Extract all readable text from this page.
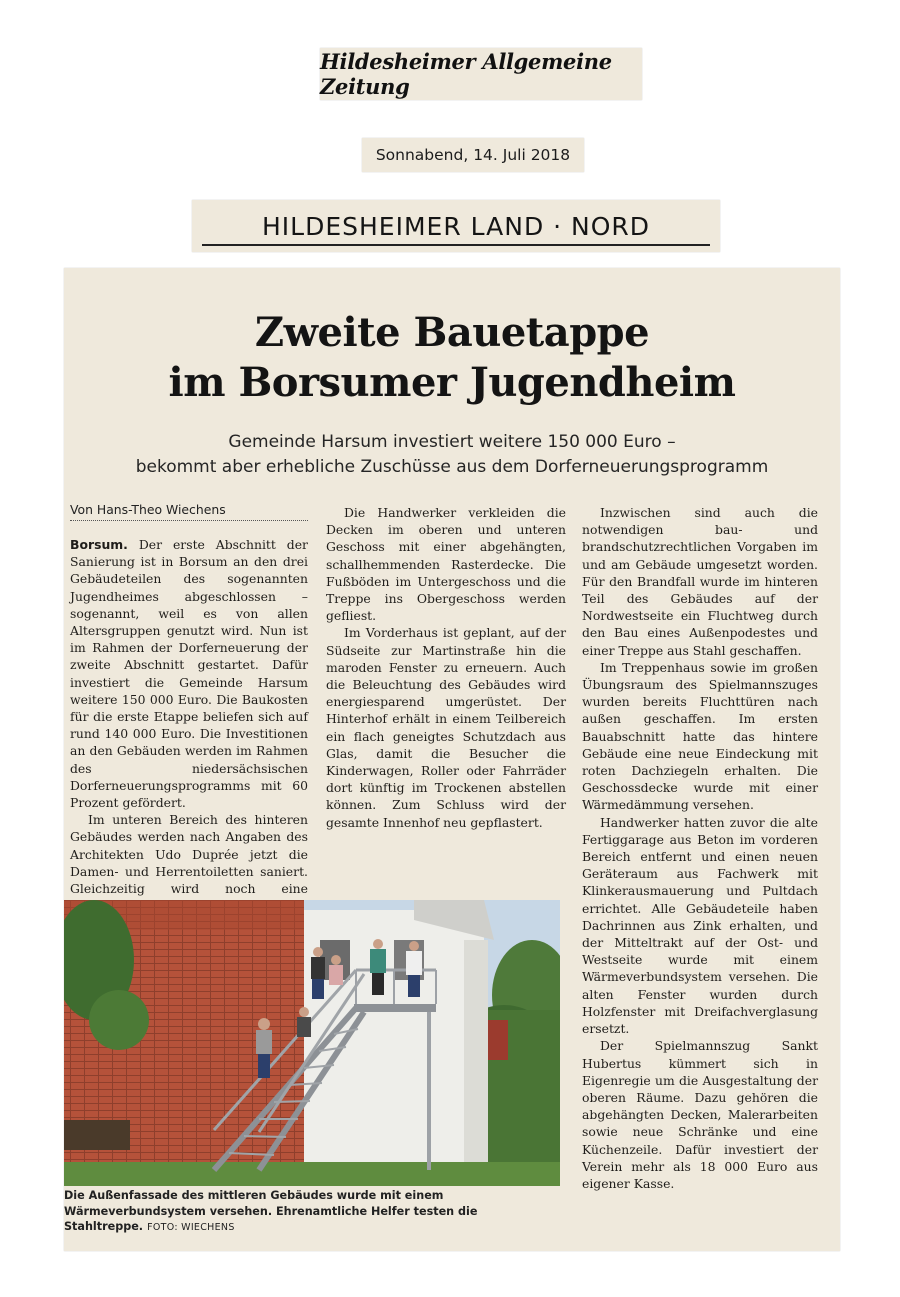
Hildesheimer Allgemeine Zeitung
Sonnabend, 14. Juli 2018
HILDESHEIMER LAND · NORD
Zweite Bauetappe
im Borsumer Jugendheim
Gemeinde Harsum investiert weitere 150 000 Euro –
bekommt aber erhebliche Zuschüsse aus dem Dorferneuerungsprogramm
Von Hans-Theo Wiechens

Borsum. Der erste Abschnitt der Sanierung ist in Borsum an den drei Gebäudeteilen des sogenannten Jugendheimes abgeschlossen – sogenannt, weil es von allen Altersgruppen genutzt wird. Nun ist im Rahmen der Dorferneuerung der zweite Abschnitt gestartet. Dafür investiert die Gemeinde Harsum weitere 150 000 Euro. Die Baukosten für die erste Etappe beliefen sich auf rund 140 000 Euro. Die Investitionen an den Gebäuden werden im Rahmen des niedersächsischen Dorferneuerungsprogramms mit 60 Prozent gefördert.

Im unteren Bereich des hinteren Gebäudes werden nach Angaben des Architekten Udo Duprée jetzt die Damen- und Herrentoiletten saniert. Gleichzeitig wird noch eine

Die Handwerker verkleiden die Decken im oberen und unteren Geschoss mit einer abgehängten, schallhemmenden Rasterdecke. Die Fußböden im Untergeschoss und die Treppe ins Obergeschoss werden gefliest.

Im Vorderhaus ist geplant, auf der Südseite zur Martinstraße hin die maroden Fenster zu erneuern. Auch die Beleuchtung des Gebäudes wird energiesparend umgerüstet. Der Hinterhof erhält in einem Teilbereich ein flach geneigtes Schutzdach aus Glas, damit die Besucher die Kinderwagen, Roller oder Fahrräder dort künftig im Trockenen abstellen können. Zum Schluss wird der gesamte Innenhof neu gepflastert.

Inzwischen sind auch die notwendigen bau- und brandschutzrechtlichen Vorgaben im und am Gebäude umgesetzt worden. Für den Brandfall wurde im hinteren Teil des Gebäudes auf der Nordwestseite ein Fluchtweg durch den Bau eines Außenpodestes und einer Treppe aus Stahl geschaffen.

Im Treppenhaus sowie im großen Übungsraum des Spielmannszuges wurden bereits Fluchttüren nach außen geschaffen. Im ersten Bauabschnitt hatte das hintere Gebäude eine neue Eindeckung mit roten Dachziegeln erhalten. Die Geschossdecke wurde mit einer Wärmedämmung versehen.

Handwerker hatten zuvor die alte Fertiggarage aus Beton im vorderen Bereich entfernt und einen neuen Geräteraum aus Fachwerk mit Klinkerausmauerung und Pultdach errichtet. Alle Gebäudeteile haben Dachrinnen aus Zink erhalten, und der Mitteltrakt auf der Ost- und Westseite wurde mit einem Wärmeverbundsystem versehen. Die alten Fenster wurden durch Holzfenster mit Dreifachverglasung ersetzt.

Der Spielmannszug Sankt Hubertus kümmert sich in Eigenregie um die Ausgestaltung der oberen Räume. Dazu gehören die abgehängten Decken, Malerarbeiten sowie neue Schränke und eine Küchenzeile. Dafür investiert der Verein mehr als 18 000 Euro aus eigener Kasse.

Die Außenfassade des mittleren Gebäudes wurde mit einem Wärmeverbundsystem versehen. Ehrenamtliche Helfer testen die Stahltreppe. FOTO: WIECHENS
